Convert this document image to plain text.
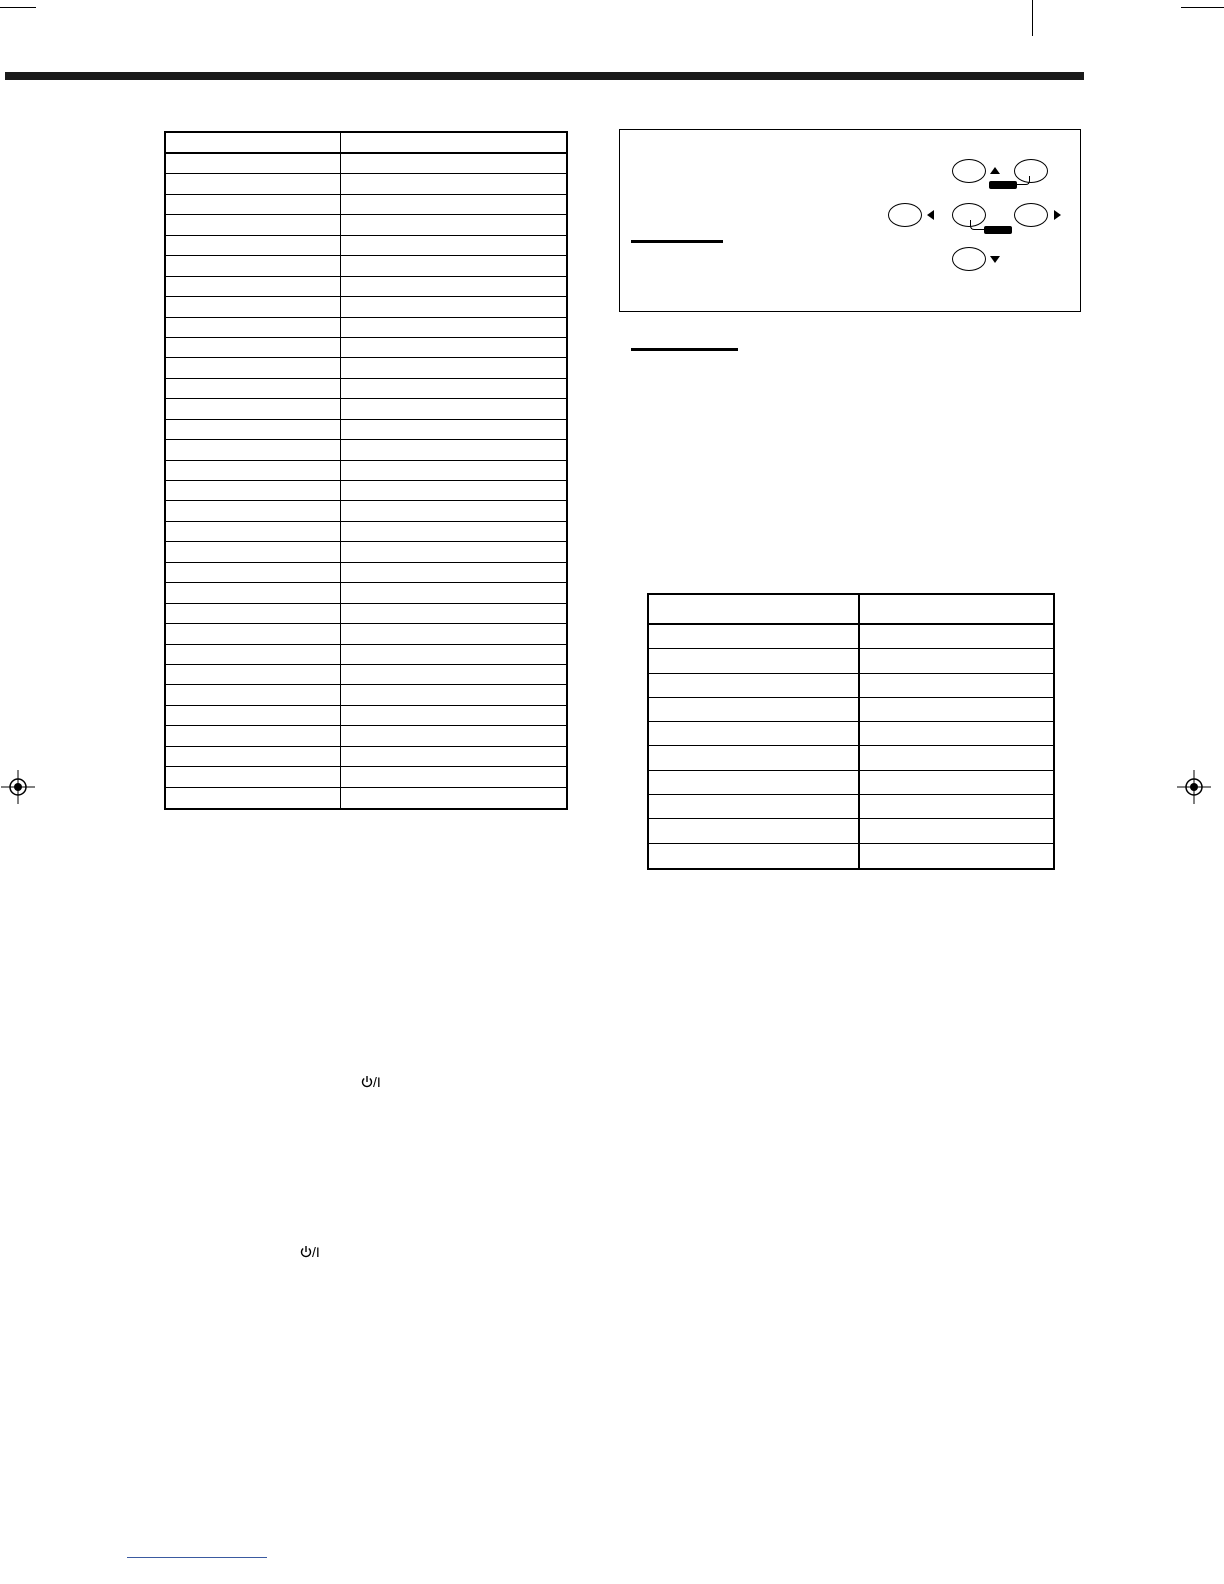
/I
/I
